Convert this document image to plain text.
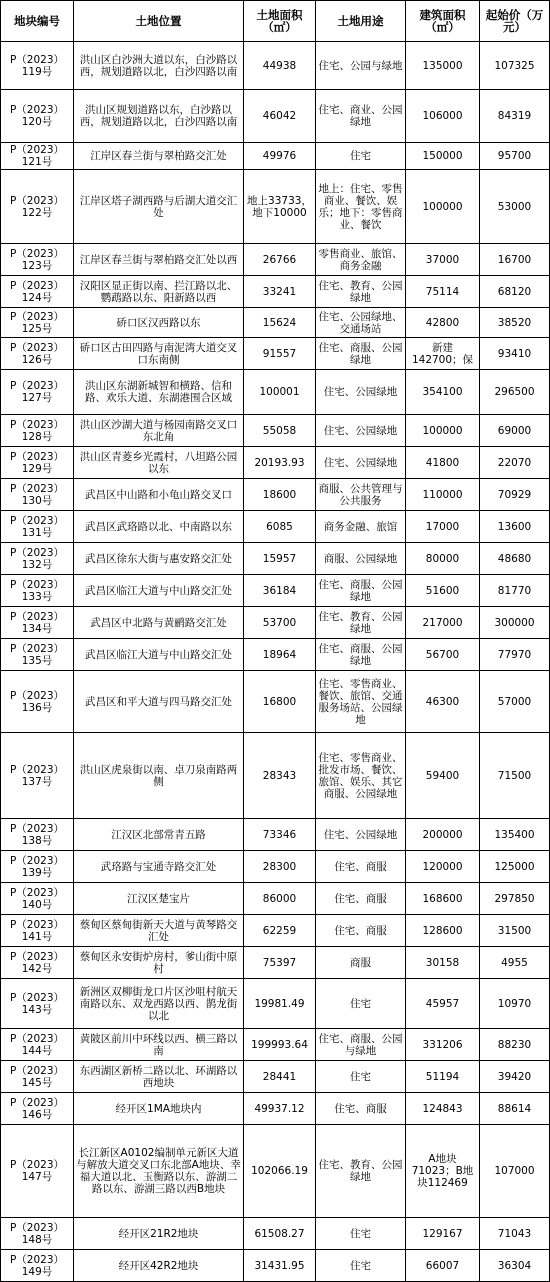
地块编号	土地位置	土地面积（㎡）	土地用途	建筑面积（㎡）	起始价（万元）
P（2023）119号	洪山区白沙洲大道以东，白沙路以西，规划道路以北，白沙四路以南	44938	住宅、公园与绿地	135000	107325
P（2023）120号	洪山区规划道路以东，白沙路以西，规划道路以北，白沙四路以南	46042	住宅、商业、公园绿地	106000	84319
P（2023）121号	江岸区春兰街与翠柏路交汇处	49976	住宅	150000	95700
P（2023）122号	江岸区塔子湖西路与后湖大道交汇处	地上33733，地下10000	地上：住宅、零售商业、餐饮、娱乐；地下：零售商业、餐饮	100000	53000
P（2023）123号	江岸区春兰街与翠柏路交汇处以西	26766	零售商业、旅馆、商务金融	37000	16700
P（2023）124号	汉阳区显正街以南、拦江路以北、鹦鹉路以东、阳新路以西	33241	住宅、教育、公园绿地	75114	68120
P（2023）125号	硚口区汉西路以东	15624	住宅、公园绿地、交通场站	42800	38520
P（2023）126号	硚口区古田四路与南泥湾大道交叉口东南侧	91557	住宅、商服、公园绿地	新建142700；保	93410
P（2023）127号	洪山区东湖新城智和横路、信和路、欢乐大道、东湖港围合区域	100001	住宅、公园绿地	354100	296500
P（2023）128号	洪山区沙湖大道与杨园南路交叉口东北角	55058	住宅、公园绿地	100000	69000
P（2023）129号	洪山区青菱乡光霞村，八坦路公园以东	20193.93	住宅、公园绿地	41800	22070
P（2023）130号	武昌区中山路和小龟山路交叉口	18600	商服、公共管理与公共服务	110000	70929
P（2023）131号	武昌区武珞路以北、中南路以东	6085	商务金融、旅馆	17000	13600
P（2023）132号	武昌区徐东大街与惠安路交汇处	15957	商服、公园绿地	80000	48680
P（2023）133号	武昌区临江大道与中山路交汇处	36184	住宅、商服、公园绿地	51600	81770
P（2023）134号	武昌区中北路与黄鹂路交汇处	53700	住宅、教育、公园绿地	217000	300000
P（2023）135号	武昌区临江大道与中山路交汇处	18964	住宅、商服、公园绿地	56700	77970
P（2023）136号	武昌区和平大道与四马路交汇处	16800	住宅、零售商业、餐饮、旅馆、交通服务场站、公园绿地	46300	57000
P（2023）137号	洪山区虎泉街以南、卓刀泉南路两侧	28343	住宅、零售商业、批发市场、餐饮、旅馆、娱乐、其它商服、公园绿地	59400	71500
P（2023）138号	江汉区北部常青五路	73346	住宅、公园绿地	200000	135400
P（2023）139号	武珞路与宝通寺路交汇处	28300	住宅、商服	120000	125000
P（2023）140号	江汉区楚宝片	86000	住宅、商服	168600	297850
P（2023）141号	蔡甸区蔡甸街新天大道与黄琴路交汇处	62259	住宅、商服	128600	31500
P（2023）142号	蔡甸区永安街炉房村，爹山街中原村	75397	商服	30158	4955
P（2023）143号	新洲区双柳街龙口片区沙咀村航天南路以东、双龙西路以西、鹊龙街以北	19981.49	住宅	45957	10970
P（2023）144号	黄陂区前川中环线以西、横三路以南	199993.64	住宅、商服、公园与绿地	331206	88230
P（2023）145号	东西湖区新桥二路以北、环湖路以西地块	28441	住宅	51194	39420
P（2023）146号	经开区1MA地块内	49937.12	住宅、商服	124843	88614
P（2023）147号	长江新区A0102编制单元新区大道与解放大道交叉口东北部A地块、幸福大道以北、玉衡路以东、游湖二路以东、游湖三路以西B地块	102066.19	住宅、教育、公园绿地	A地块71023；B地块112469	107000
P（2023）148号	经开区21R2地块	61508.27	住宅	129167	71043
P（2023）149号	经开区42R2地块	31431.95	住宅	66007	36304
